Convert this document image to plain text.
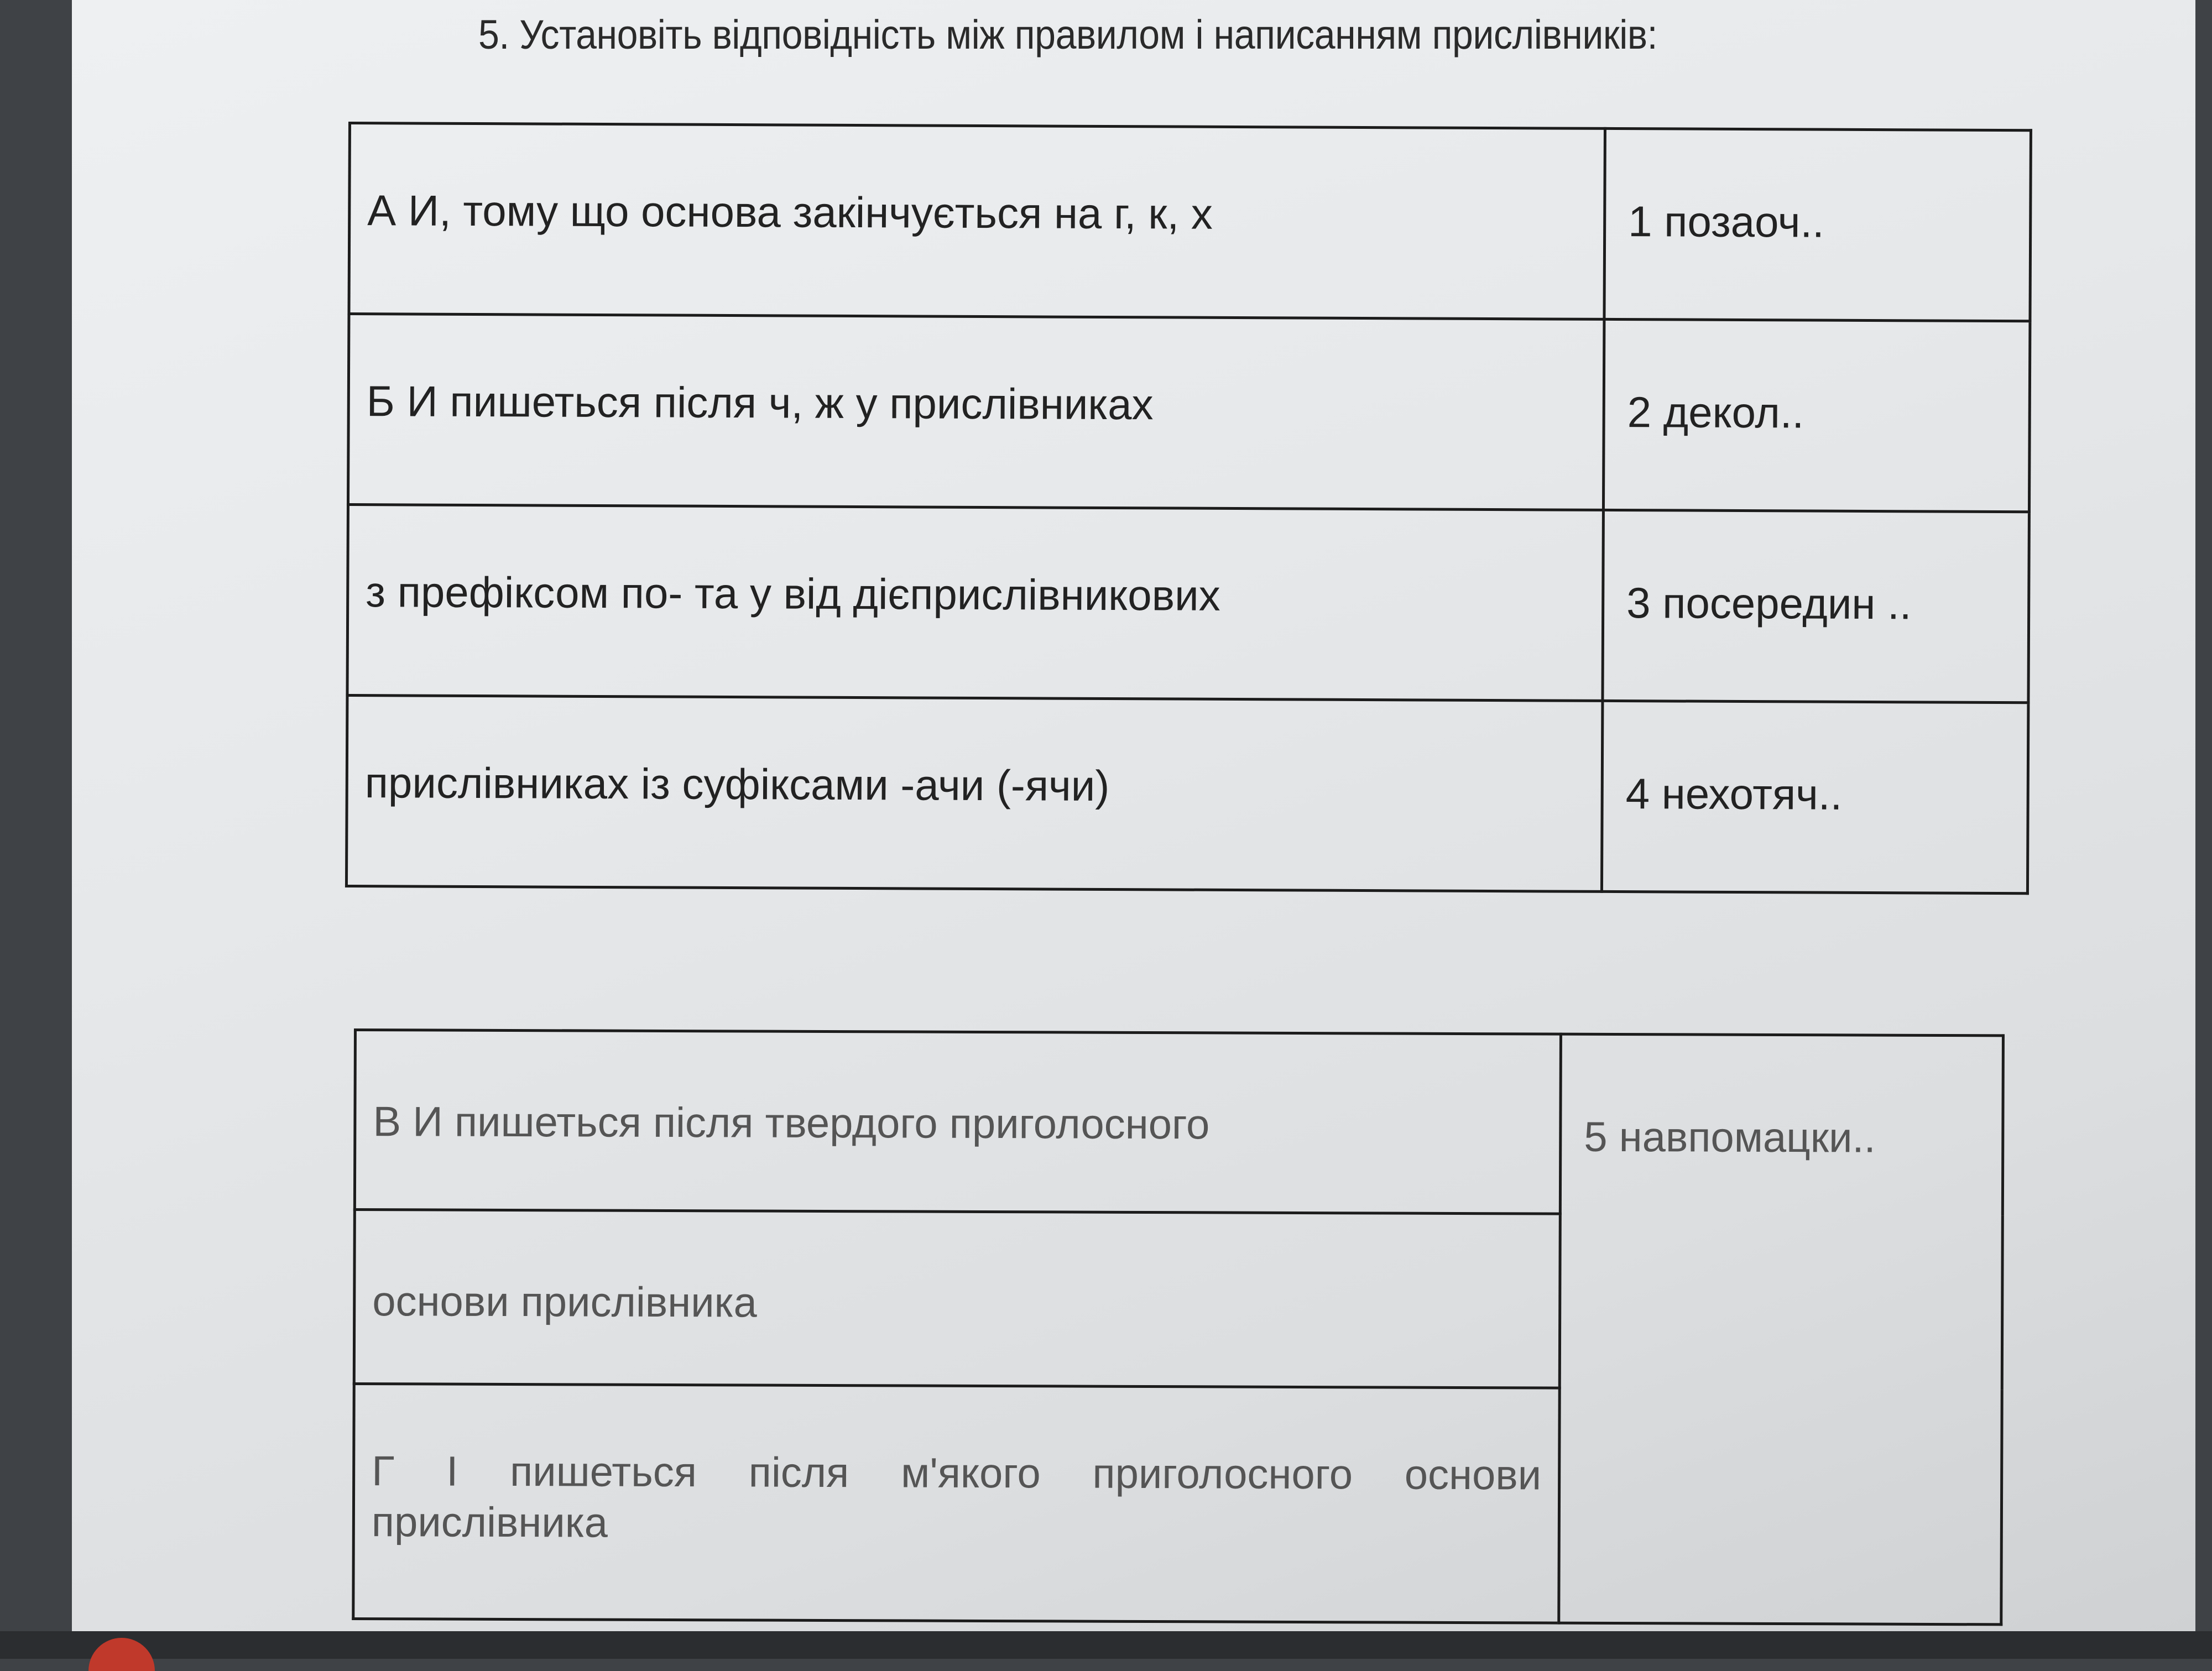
5. Установіть відповідність між правилом і написанням прислівників:
А И, тому що основа закінчується на г, к, х	1 позаоч..

Б И пишеться після ч, ж у прислівниках	2 декол..

з префіксом по- та у від дієприслівникових	3 посередин ..

прислівниках із суфіксами -ачи (-ячи)	4 нехотяч..
В И пишеться після твердого приголосного	5 навпомацки..

основи прислівника

Г І пишеться після м'якого приголосного основи
прислівника
